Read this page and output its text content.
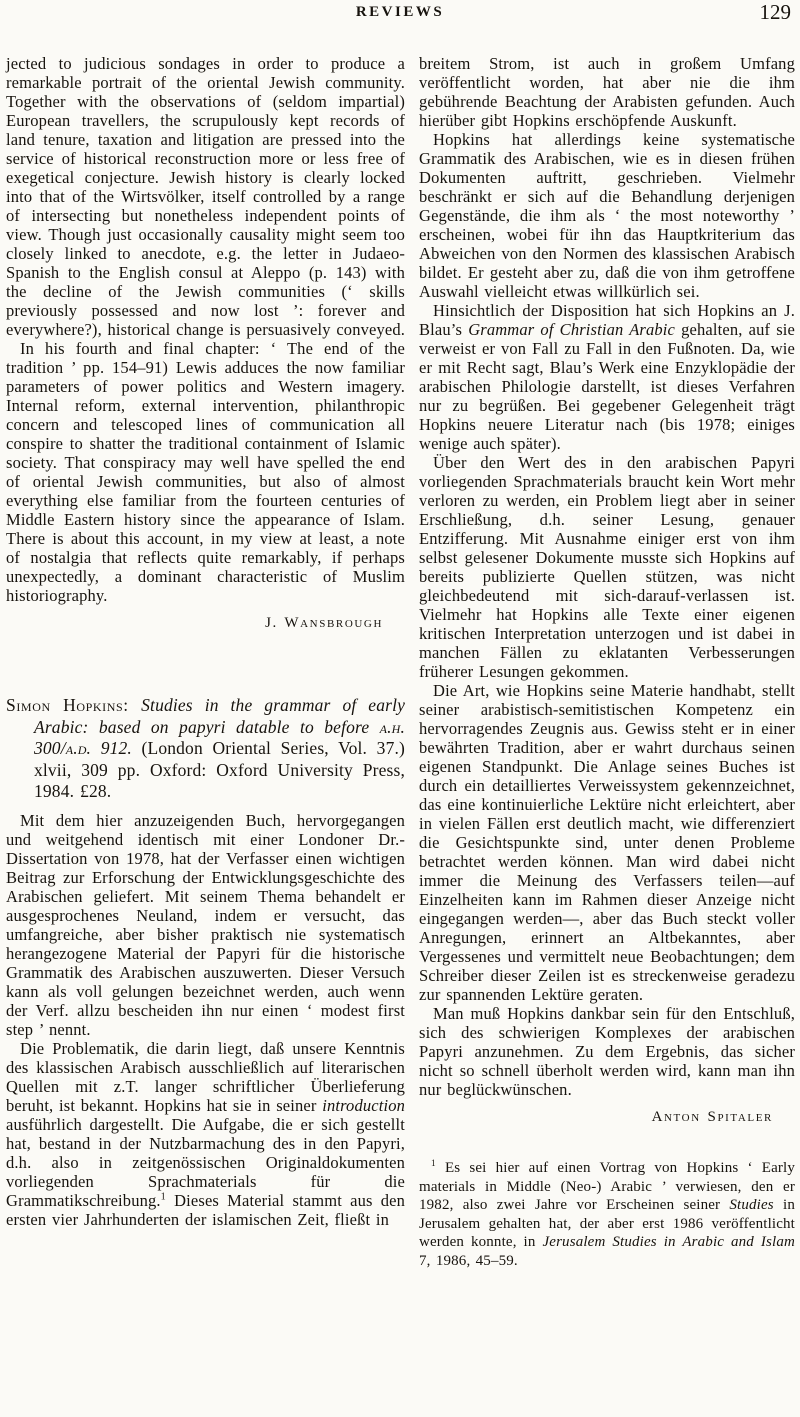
REVIEWS	129

jected to judicious sondages in order to produce a remarkable portrait of the oriental Jewish community. Together with the observations of (seldom impartial) European travellers, the scrupulously kept records of land tenure, taxation and litigation are pressed into the service of historical reconstruction more or less free of exegetical conjecture. Jewish history is clearly locked into that of the Wirtsvölker, itself controlled by a range of intersecting but nonetheless independent points of view. Though just occasionally causality might seem too closely linked to anecdote, e.g. the letter in Judaeo-Spanish to the English consul at Aleppo (p. 143) with the decline of the Jewish communities (‘ skills previously possessed and now lost ’: forever and everywhere?), historical change is persuasively conveyed.

In his fourth and final chapter: ‘ The end of the tradition ’ pp. 154–91) Lewis adduces the now familiar parameters of power politics and Western imagery. Internal reform, external intervention, philanthropic concern and telescoped lines of communication all conspire to shatter the traditional containment of Islamic society. That conspiracy may well have spelled the end of oriental Jewish communities, but also of almost everything else familiar from the fourteen centuries of Middle Eastern history since the appearance of Islam. There is about this account, in my view at least, a note of nostalgia that reflects quite remarkably, if perhaps unexpectedly, a dominant characteristic of Muslim historiography.

J. Wansbrough

Simon Hopkins: Studies in the grammar of early Arabic: based on papyri datable to before a.h. 300/a.d. 912. (London Oriental Series, Vol. 37.) xlvii, 309 pp. Oxford: Oxford University Press, 1984. £28.

Mit dem hier anzuzeigenden Buch, hervorgegangen und weitgehend identisch mit einer Londoner Dr.-Dissertation von 1978, hat der Verfasser einen wichtigen Beitrag zur Erforschung der Entwicklungsgeschichte des Arabischen geliefert. Mit seinem Thema behandelt er ausgesprochenes Neuland, indem er versucht, das umfangreiche, aber bisher praktisch nie systematisch herangezogene Material der Papyri für die historische Grammatik des Arabischen auszuwerten. Dieser Versuch kann als voll gelungen bezeichnet werden, auch wenn der Verf. allzu bescheiden ihn nur einen ‘ modest first step ’ nennt.

Die Problematik, die darin liegt, daß unsere Kenntnis des klassischen Arabisch ausschließlich auf literarischen Quellen mit z.T. langer schriftlicher Überlieferung beruht, ist bekannt. Hopkins hat sie in seiner introduction ausführlich dargestellt. Die Aufgabe, die er sich gestellt hat, bestand in der Nutzbarmachung des in den Papyri, d.h. also in zeitgenössischen Originaldokumenten vorliegenden Sprachmaterials für die Grammatikschreibung.$^1$ Dieses Material stammt aus den ersten vier Jahrhunderten der islamischen Zeit, fließt in

breitem Strom, ist auch in großem Umfang veröffentlicht worden, hat aber nie die ihm gebührende Beachtung der Arabisten gefunden. Auch hierüber gibt Hopkins erschöpfende Auskunft.

Hopkins hat allerdings keine systematische Grammatik des Arabischen, wie es in diesen frühen Dokumenten auftritt, geschrieben. Vielmehr beschränkt er sich auf die Behandlung derjenigen Gegenstände, die ihm als ‘ the most noteworthy ’ erscheinen, wobei für ihn das Hauptkriterium das Abweichen von den Normen des klassischen Arabisch bildet. Er gesteht aber zu, daß die von ihm getroffene Auswahl vielleicht etwas willkürlich sei.

Hinsichtlich der Disposition hat sich Hopkins an J. Blau’s Grammar of Christian Arabic gehalten, auf sie verweist er von Fall zu Fall in den Fußnoten. Da, wie er mit Recht sagt, Blau’s Werk eine Enzyklopädie der arabischen Philologie darstellt, ist dieses Verfahren nur zu begrüßen. Bei gegebener Gelegenheit trägt Hopkins neuere Literatur nach (bis 1978; einiges wenige auch später).

Über den Wert des in den arabischen Papyri vorliegenden Sprachmaterials braucht kein Wort mehr verloren zu werden, ein Problem liegt aber in seiner Erschließung, d.h. seiner Lesung, genauer Entzifferung. Mit Ausnahme einiger erst von ihm selbst gelesener Dokumente musste sich Hopkins auf bereits publizierte Quellen stützen, was nicht gleichbedeutend mit sich-darauf-verlassen ist. Vielmehr hat Hopkins alle Texte einer eigenen kritischen Interpretation unterzogen und ist dabei in manchen Fällen zu eklatanten Verbesserungen früherer Lesungen gekommen.

Die Art, wie Hopkins seine Materie handhabt, stellt seiner arabistisch-semitistischen Kompetenz ein hervorragendes Zeugnis aus. Gewiss steht er in einer bewährten Tradition, aber er wahrt durchaus seinen eigenen Standpunkt. Die Anlage seines Buches ist durch ein detailliertes Verweissystem gekennzeichnet, das eine kontinuierliche Lektüre nicht erleichtert, aber in vielen Fällen erst deutlich macht, wie differenziert die Gesichtspunkte sind, unter denen Probleme betrachtet werden können. Man wird dabei nicht immer die Meinung des Verfassers teilen—auf Einzelheiten kann im Rahmen dieser Anzeige nicht eingegangen werden—, aber das Buch steckt voller Anregungen, erinnert an Altbekanntes, aber Vergessenes und vermittelt neue Beobachtungen; dem Schreiber dieser Zeilen ist es streckenweise geradezu zur spannenden Lektüre geraten.

Man muß Hopkins dankbar sein für den Entschluß, sich des schwierigen Komplexes der arabischen Papyri anzunehmen. Zu dem Ergebnis, das sicher nicht so schnell überholt werden wird, kann man ihn nur beglückwünschen.

Anton Spitaler

$^1$ Es sei hier auf einen Vortrag von Hopkins ‘ Early materials in Middle (Neo-) Arabic ’ verwiesen, den er 1982, also zwei Jahre vor Erscheinen seiner Studies in Jerusalem gehalten hat, der aber erst 1986 veröffentlicht werden konnte, in Jerusalem Studies in Arabic and Islam 7, 1986, 45–59.
